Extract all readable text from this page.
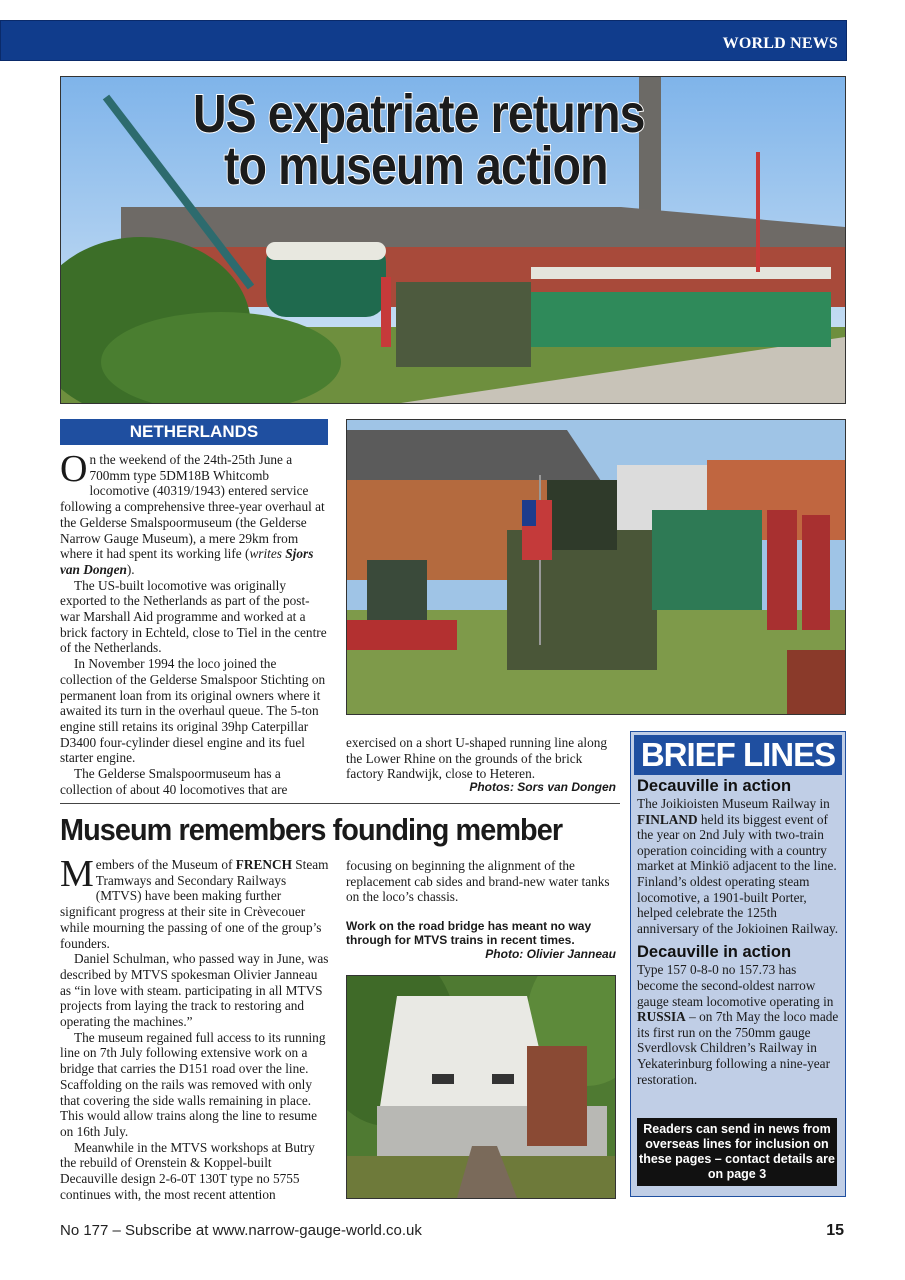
WORLD NEWS
US expatriate returns
to museum action
NETHERLANDS

On the weekend of the 24th-25th June a 700mm type 5DM18B Whitcomb locomotive (40319/1943) entered service following a comprehensive three-year overhaul at the Gelderse Smalspoormuseum (the Gelderse Narrow Gauge Museum), a mere 29km from where it had spent its working life (writes Sjors van Dongen).

The US-built locomotive was originally exported to the Netherlands as part of the post-war Marshall Aid programme and worked at a brick factory in Echteld, close to Tiel in the centre of the Netherlands.

In November 1994 the loco joined the collection of the Gelderse Smalspoor Stichting on permanent loan from its original owners where it awaited its turn in the overhaul queue. The 5-ton engine still retains its original 39hp Caterpillar D3400 four-cylinder diesel engine and its fuel starter engine.

The Gelderse Smalspoormuseum has a collection of about 40 locomotives that are

exercised on a short U-shaped running line along the Lower Rhine on the grounds of the brick factory Randwijk, close to Heteren.

Photos: Sors van Dongen
Museum remembers founding member

Members of the Museum of FRENCH Steam Tramways and Secondary Railways (MTVS) have been making further significant progress at their site in Crèvecouer while mourning the passing of one of the group’s founders.

Daniel Schulman, who passed way in June, was described by MTVS spokesman Olivier Janneau as “in love with steam. participating in all MTVS projects from laying the track to restoring and operating the machines.”

The museum regained full access to its running line on 7th July following extensive work on a bridge that carries the D151 road over the line. Scaffolding on the rails was removed with only that covering the side walls remaining in place. This would allow trains along the line to resume on 16th July.

Meanwhile in the MTVS workshops at Butry the rebuild of Orenstein & Koppel-built Decauville design 2-6-0T 130T type no 5755 continues with, the most recent attention

focusing on beginning the alignment of the replacement cab sides and brand-new water tanks on the loco’s chassis.

Work on the road bridge has meant no way through for MTVS trains in recent times.
Photo: Olivier Janneau
BRIEF LINES
Decauville in action
The Joikioisten Museum Railway in FINLAND held its biggest event of the year on 2nd July with two-train operation coinciding with a country market at Minkiö adjacent to the line. Finland’s oldest operating steam locomotive, a 1901-built Porter, helped celebrate the 125th anniversary of the Jokioinen Railway.
Decauville in action
Type 157 0-8-0 no 157.73 has become the second-oldest narrow gauge steam locomotive operating in RUSSIA – on 7th May the loco made its first run on the 750mm gauge Sverdlovsk Children’s Railway in Yekaterinburg following a nine-year restoration.
Readers can send in news from overseas lines for inclusion on these pages – contact details are on page 3
No 177 – Subscribe at www.narrow-gauge-world.co.uk	15
